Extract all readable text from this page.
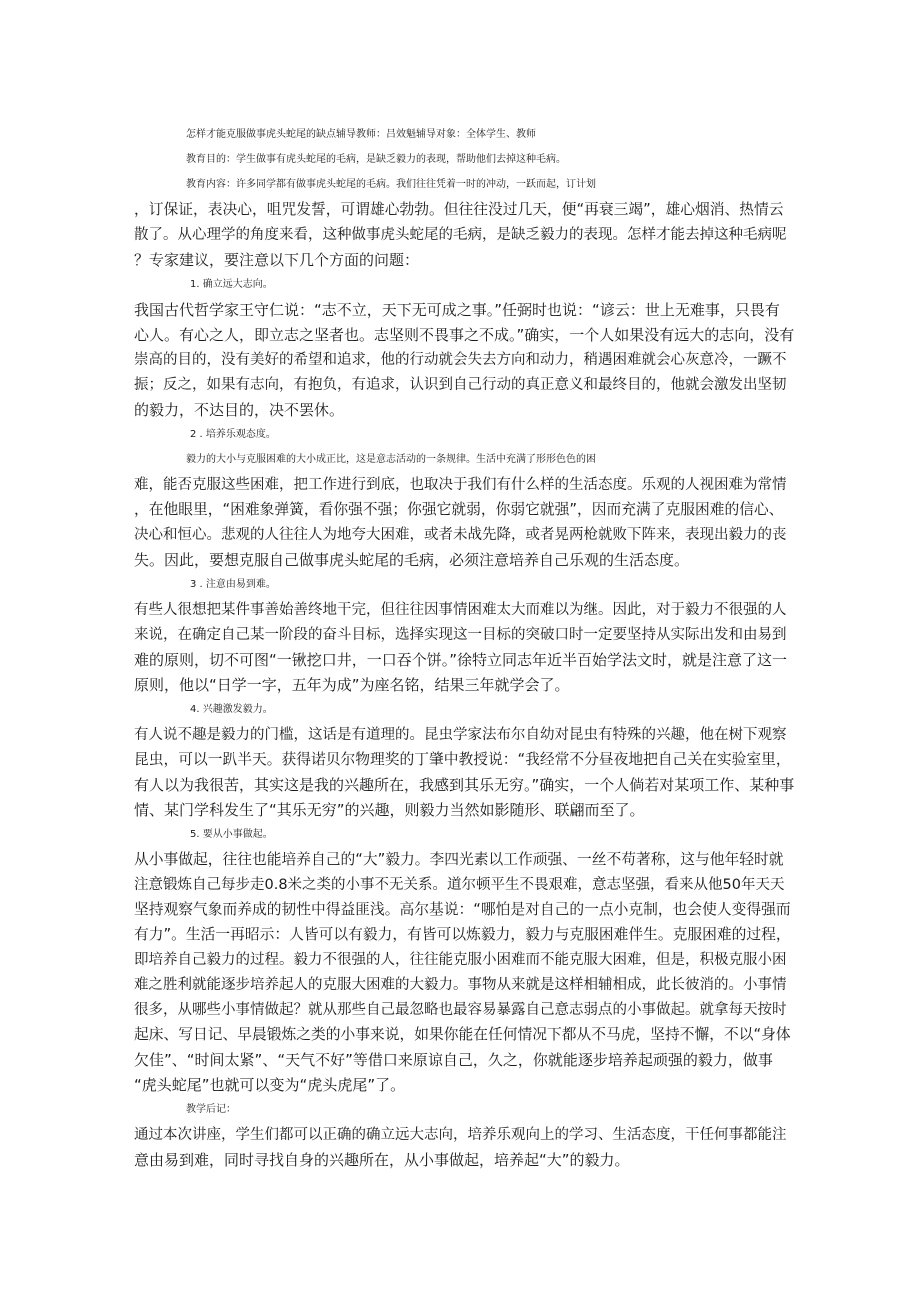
怎样才能克服做事虎头蛇尾的缺点辅导教师：吕效魁辅导对象：全体学生、教师
教育目的：学生做事有虎头蛇尾的毛病，是缺乏毅力的表现，帮助他们去掉这种毛病。
教育内容：许多同学都有做事虎头蛇尾的毛病。我们往往凭着一时的冲动，一跃而起，订计划
，订保证，表决心，咀咒发誓，可谓雄心勃勃。但往往没过几天，便“再衰三竭”，雄心烟消、热情云
散了。从心理学的角度来看，这种做事虎头蛇尾的毛病，是缺乏毅力的表现。怎样才能去掉这种毛病呢
？专家建议，要注意以下几个方面的问题：
1. 确立远大志向。
我国古代哲学家王守仁说：“志不立，天下无可成之事。”任弼时也说：“谚云：世上无难事，只畏有
心人。有心之人，即立志之坚者也。志坚则不畏事之不成。”确实，一个人如果没有远大的志向，没有
崇高的目的，没有美好的希望和追求，他的行动就会失去方向和动力，稍遇困难就会心灰意冷，一蹶不
振；反之，如果有志向，有抱负，有追求，认识到自己行动的真正意义和最终目的，他就会激发出坚韧
的毅力，不达目的，决不罢休。
2 . 培养乐观态度。
毅力的大小与克服困难的大小成正比，这是意志活动的一条规律。生活中充满了形形色色的困
难，能否克服这些困难，把工作进行到底，也取决于我们有什么样的生活态度。乐观的人视困难为常情
，在他眼里，“困难象弹簧，看你强不强；你强它就弱，你弱它就强”，因而充满了克服困难的信心、
决心和恒心。悲观的人往往人为地夸大困难，或者未战先降，或者晃两枪就败下阵来，表现出毅力的丧
失。因此，要想克服自己做事虎头蛇尾的毛病，必须注意培养自己乐观的生活态度。
3 . 注意由易到难。
有些人很想把某件事善始善终地干完，但往往因事情困难太大而难以为继。因此，对于毅力不很强的人
来说，在确定自己某一阶段的奋斗目标，选择实现这一目标的突破口时一定要坚持从实际出发和由易到
难的原则，切不可图“一锹挖口井，一口吞个饼。”徐特立同志年近半百始学法文时，就是注意了这一
原则，他以“日学一字，五年为成”为座名铭，结果三年就学会了。
4. 兴趣激发毅力。
有人说不趣是毅力的门槛，这话是有道理的。昆虫学家法布尔自幼对昆虫有特殊的兴趣，他在树下观察
昆虫，可以一趴半天。获得诺贝尔物理奖的丁肇中教授说：“我经常不分昼夜地把自己关在实验室里，
有人以为我很苦，其实这是我的兴趣所在，我感到其乐无穷。”确实，一个人倘若对某项工作、某种事
情、某门学科发生了“其乐无穷”的兴趣，则毅力当然如影随形、联翩而至了。
5. 要从小事做起。
从小事做起，往往也能培养自己的“大”毅力。李四光素以工作顽强、一丝不苟著称，这与他年轻时就
注意锻炼自己每步走0.8米之类的小事不无关系。道尔顿平生不畏艰难，意志坚强，看来从他50年天天
坚持观察气象而养成的韧性中得益匪浅。高尔基说：“哪怕是对自己的一点小克制，也会使人变得强而
有力”。生活一再昭示：人皆可以有毅力，有皆可以炼毅力，毅力与克服困难伴生。克服困难的过程，
即培养自己毅力的过程。毅力不很强的人，往往能克服小困难而不能克服大困难，但是，积极克服小困
难之胜利就能逐步培养起人的克服大困难的大毅力。事物从来就是这样相辅相成，此长彼消的。小事情
很多，从哪些小事情做起？就从那些自己最忽略也最容易暴露自己意志弱点的小事做起。就拿每天按时
起床、写日记、早晨锻炼之类的小事来说，如果你能在任何情况下都从不马虎，坚持不懈，不以“身体
欠佳”、“时间太紧”、“天气不好”等借口来原谅自己，久之，你就能逐步培养起顽强的毅力，做事
“虎头蛇尾”也就可以变为“虎头虎尾”了。
教学后记：
通过本次讲座，学生们都可以正确的确立远大志向，培养乐观向上的学习、生活态度，干任何事都能注
意由易到难，同时寻找自身的兴趣所在，从小事做起，培养起“大”的毅力。
